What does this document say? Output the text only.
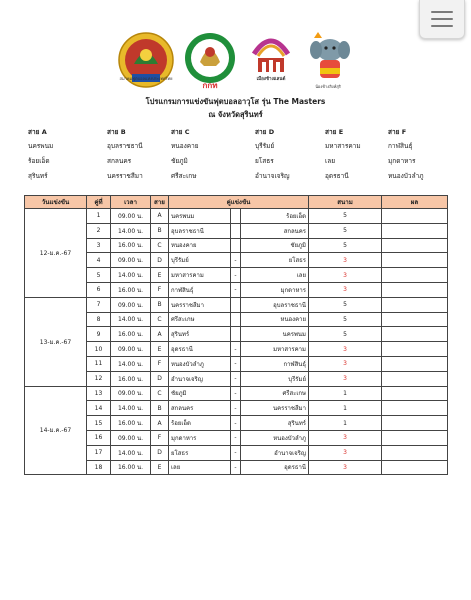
สมาคมฟุตบอลแห่งประเทศไทย
กกท
เมืองช้างแลนด์
น้องช้างสิงห์สุริ
โปรแกรมการแข่งขันฟุตบอลอาวุโส รุ่น The Masters
ณ จังหวัดสุรินทร์
สาย A
นครพนม
ร้อยเอ็ด
สุรินทร์
สาย B
อุบลราชธานี
สกลนคร
นครราชสีมา
สาย C
หนองคาย
ชัยภูมิ
ศรีสะเกษ
สาย D
บุรีรัมย์
ยโสธร
อำนาจเจริญ
สาย E
มหาสารคาม
เลย
อุดรธานี
สาย F
กาฬสินธุ์
มุกดาหาร
หนองบัวลำภู
วันแข่งขัน	คู่ที่	เวลา	สาย	คู่แข่งขัน			สนาม	ผล
12-ม.ค.-67	1	09.00 น.	A	นครพนม		ร้อยเอ็ด	5	
	2	14.00 น.	B	อุบลราชธานี		สกลนคร	5	
	3	16.00 น.	C	หนองคาย		ชัยภูมิ	5	
	4	09.00 น.	D	บุรีรัมย์	-	ยโสธร	3	
	5	14.00 น.	E	มหาสารคาม	-	เลย	3	
	6	16.00 น.	F	กาฬสินธุ์	-	มุกดาหาร	3	
13-ม.ค.-67	7	09.00 น.	B	นครราชสีมา		อุบลราชธานี	5	
	8	14.00 น.	C	ศรีสะเกษ		หนองคาย	5	
	9	16.00 น.	A	สุรินทร์		นครพนม	5	
	10	09.00 น.	E	อุดรธานี	-	มหาสารคาม	3	
	11	14.00 น.	F	หนองบัวลำภู	-	กาฬสินธุ์	3	
	12	16.00 น.	D	อำนาจเจริญ	-	บุรีรัมย์	3	
14-ม.ค.-67	13	09.00 น.	C	ชัยภูมิ	-	ศรีสะเกษ	1	
	14	14.00 น.	B	สกลนคร	-	นครราชสีมา	1	
	15	16.00 น.	A	ร้อยเอ็ด	-	สุรินทร์	1	
	16	09.00 น.	F	มุกดาหาร	-	หนองบัวลำภู	3	
	17	14.00 น.	D	ยโสธร	-	อำนาจเจริญ	3	
	18	16.00 น.	E	เลย	-	อุดรธานี	3	
